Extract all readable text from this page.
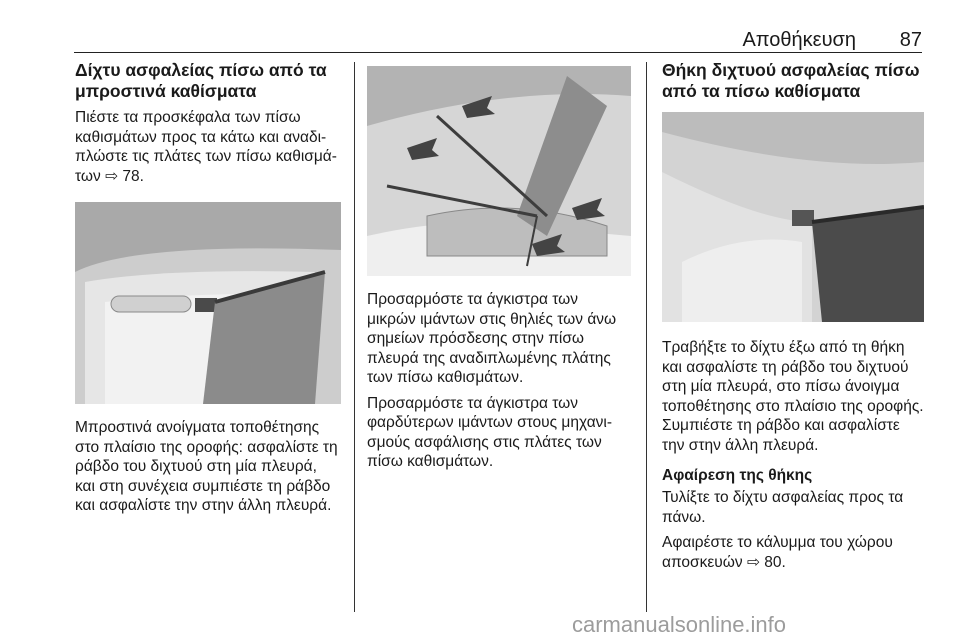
Αποθήκευση 87
Δίχτυ ασφαλείας πίσω από τα μπροστινά καθίσματα

Πιέστε τα προσκέφαλα των πίσω καθισμάτων προς τα κάτω και αναδι-πλώστε τις πλάτες των πίσω καθισμά-των ⇨ 78.

Μπροστινά ανοίγματα τοποθέτησης στο πλαίσιο της οροφής: ασφαλίστε τη ράβδο του διχτυού στη μία πλευρά, και στη συνέχεια συμπιέστε τη ράβδο και ασφαλίστε την στην άλλη πλευρά.

Προσαρμόστε τα άγκιστρα των μικρών ιμάντων στις θηλιές των άνω σημείων πρόσδεσης στην πίσω πλευρά της αναδιπλωμένης πλάτης των πίσω καθισμάτων.

Προσαρμόστε τα άγκιστρα των φαρδύτερων ιμάντων στους μηχανι-σμούς ασφάλισης στις πλάτες των πίσω καθισμάτων.

Θήκη διχτυού ασφαλείας πίσω από τα πίσω καθίσματα

Τραβήξτε το δίχτυ έξω από τη θήκη και ασφαλίστε τη ράβδο του διχτυού στη μία πλευρά, στο πίσω άνοιγμα τοποθέτησης στο πλαίσιο της οροφής. Συμπιέστε τη ράβδο και ασφαλίστε την στην άλλη πλευρά.

Αφαίρεση της θήκης

Τυλίξτε το δίχτυ ασφαλείας προς τα πάνω.

Αφαιρέστε το κάλυμμα του χώρου αποσκευών ⇨ 80.

carmanualsonline.info
